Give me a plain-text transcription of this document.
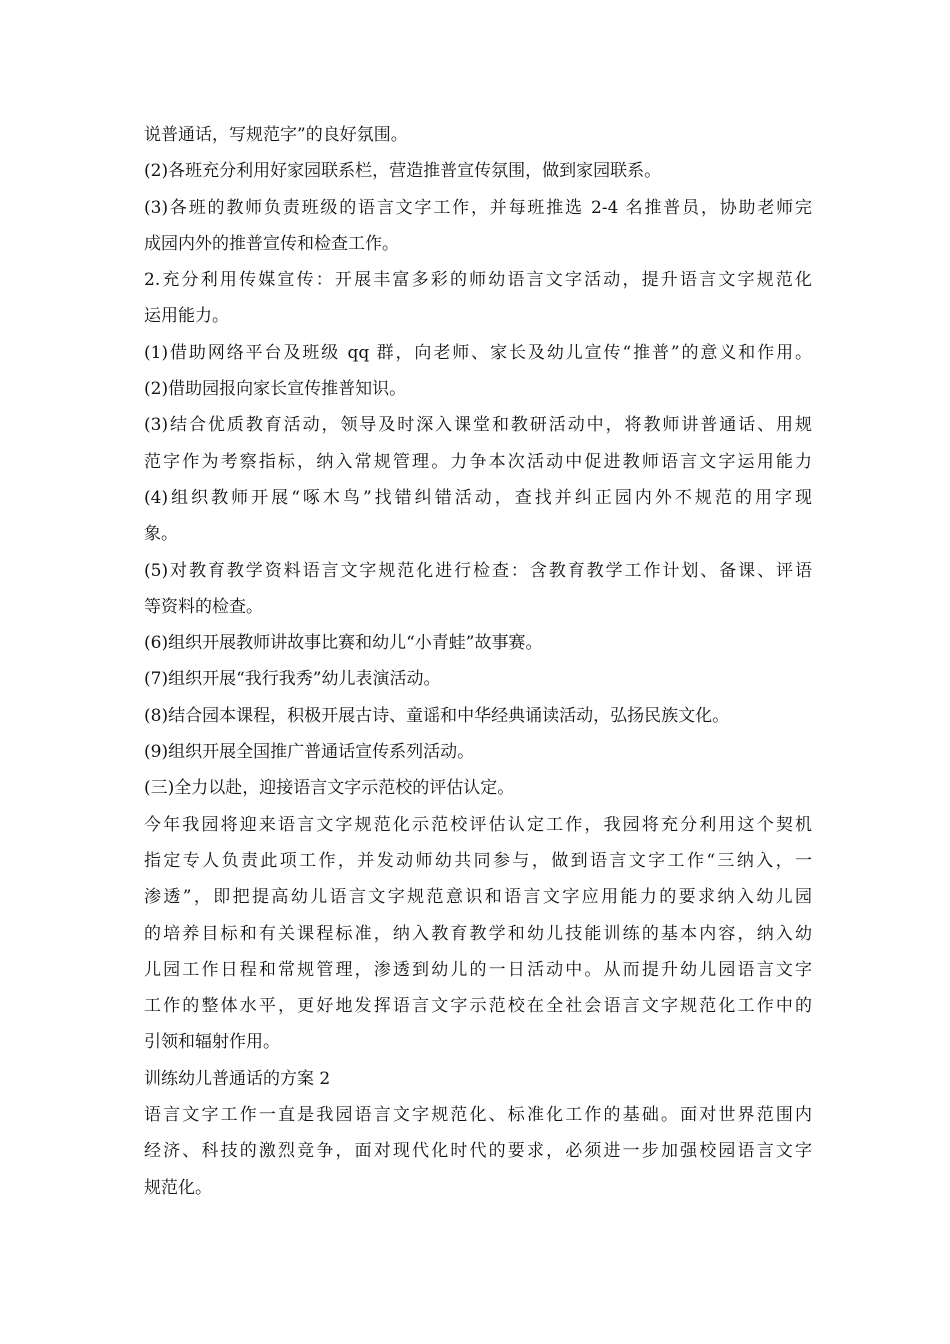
说普通话，写规范字”的良好氛围。
(2)各班充分利用好家园联系栏，营造推普宣传氛围，做到家园联系。
(3)各班的教师负责班级的语言文字工作，并每班推选 2-4 名推普员，协助老师完
成园内外的推普宣传和检查工作。
2.充分利用传媒宣传：开展丰富多彩的师幼语言文字活动，提升语言文字规范化
运用能力。
(1)借助网络平台及班级 qq 群，向老师、家长及幼儿宣传“推普”的意义和作用。
(2)借助园报向家长宣传推普知识。
(3)结合优质教育活动，领导及时深入课堂和教研活动中，将教师讲普通话、用规
范字作为考察指标，纳入常规管理。力争本次活动中促进教师语言文字运用能力
(4)组织教师开展“啄木鸟”找错纠错活动，查找并纠正园内外不规范的用字现
象。
(5)对教育教学资料语言文字规范化进行检查：含教育教学工作计划、备课、评语
等资料的检查。
(6)组织开展教师讲故事比赛和幼儿“小青蛙”故事赛。
(7)组织开展“我行我秀”幼儿表演活动。
(8)结合园本课程，积极开展古诗、童谣和中华经典诵读活动，弘扬民族文化。
(9)组织开展全国推广普通话宣传系列活动。
(三)全力以赴，迎接语言文字示范校的评估认定。
今年我园将迎来语言文字规范化示范校评估认定工作，我园将充分利用这个契机
指定专人负责此项工作，并发动师幼共同参与，做到语言文字工作“三纳入，一
渗透”，即把提高幼儿语言文字规范意识和语言文字应用能力的要求纳入幼儿园
的培养目标和有关课程标准，纳入教育教学和幼儿技能训练的基本内容，纳入幼
儿园工作日程和常规管理，渗透到幼儿的一日活动中。从而提升幼儿园语言文字
工作的整体水平，更好地发挥语言文字示范校在全社会语言文字规范化工作中的
引领和辐射作用。
训练幼儿普通话的方案 2
语言文字工作一直是我园语言文字规范化、标准化工作的基础。面对世界范围内
经济、科技的激烈竞争，面对现代化时代的要求，必须进一步加强校园语言文字
规范化。
